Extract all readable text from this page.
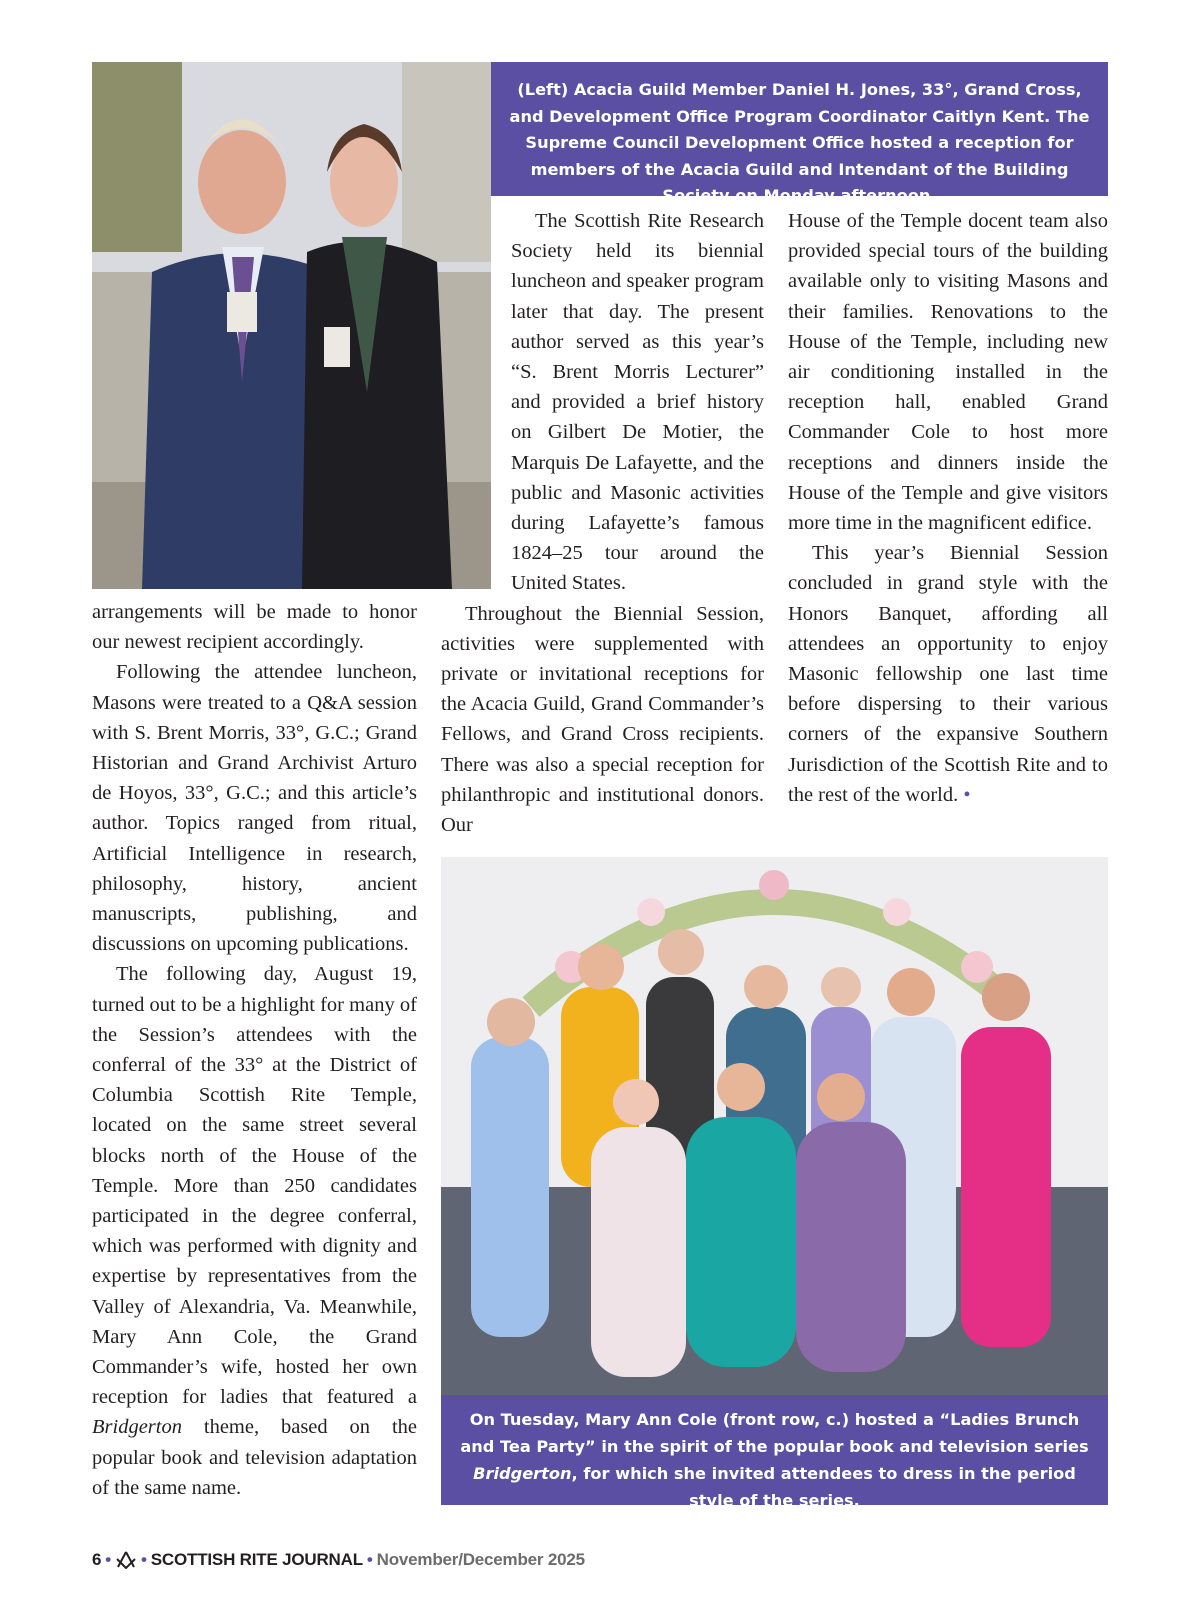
(Left) Acacia Guild Member Daniel H. Jones, 33°, Grand Cross, and Development Office Program Coordinator Caitlyn Kent. The Supreme Council Development Office hosted a reception for members of the Acacia Guild and Intendant of the Building Society on Monday afternoon.

arrangements will be made to honor our newest recipient accordingly.

Following the attendee luncheon, Masons were treated to a Q&A session with S. Brent Morris, 33°, G.C.; Grand Historian and Grand Archivist Arturo de Hoyos, 33°, G.C.; and this article’s author. Topics ranged from ritual, Artificial Intelligence in research, philosophy, history, ancient manuscripts, publishing, and discussions on upcoming publications.

The following day, August 19, turned out to be a highlight for many of the Session’s attendees with the conferral of the 33° at the District of Columbia Scottish Rite Temple, located on the same street several blocks north of the House of the Temple. More than 250 candidates participated in the degree conferral, which was performed with dignity and expertise by representatives from the Valley of Alexandria, Va. Meanwhile, Mary Ann Cole, the Grand Commander’s wife, hosted her own reception for ladies that featured a Bridgerton theme, based on the popular book and television adaptation of the same name.

The Scottish Rite Research Society held its biennial luncheon and speaker program later that day. The present author served as this year’s “S. Brent Morris Lecturer” and provided a brief history on Gilbert De Motier, the Marquis De Lafayette, and the public and Masonic activities during Lafayette’s famous 1824–25 tour around the United States.

Throughout the Biennial Session, activities were supplemented with private or invitational receptions for the Acacia Guild, Grand Commander’s Fellows, and Grand Cross recipients. There was also a special reception for philanthropic and institutional donors. Our

House of the Temple docent team also provided special tours of the building available only to visiting Masons and their families. Renovations to the House of the Temple, including new air conditioning installed in the reception hall, enabled Grand Commander Cole to host more receptions and dinners inside the House of the Temple and give visitors more time in the magnificent edifice.

This year’s Biennial Session concluded in grand style with the Honors Banquet, affording all attendees an opportunity to enjoy Masonic fellowship one last time before dispersing to their various corners of the expansive Southern Jurisdiction of the Scottish Rite and to the rest of the world. •

On Tuesday, Mary Ann Cole (front row, c.) hosted a “Ladies Brunch and Tea Party” in the spirit of the popular book and television series Bridgerton, for which she invited attendees to dress in the period style of the series.

6 • • SCOTTISH RITE JOURNAL • November/December 2025
